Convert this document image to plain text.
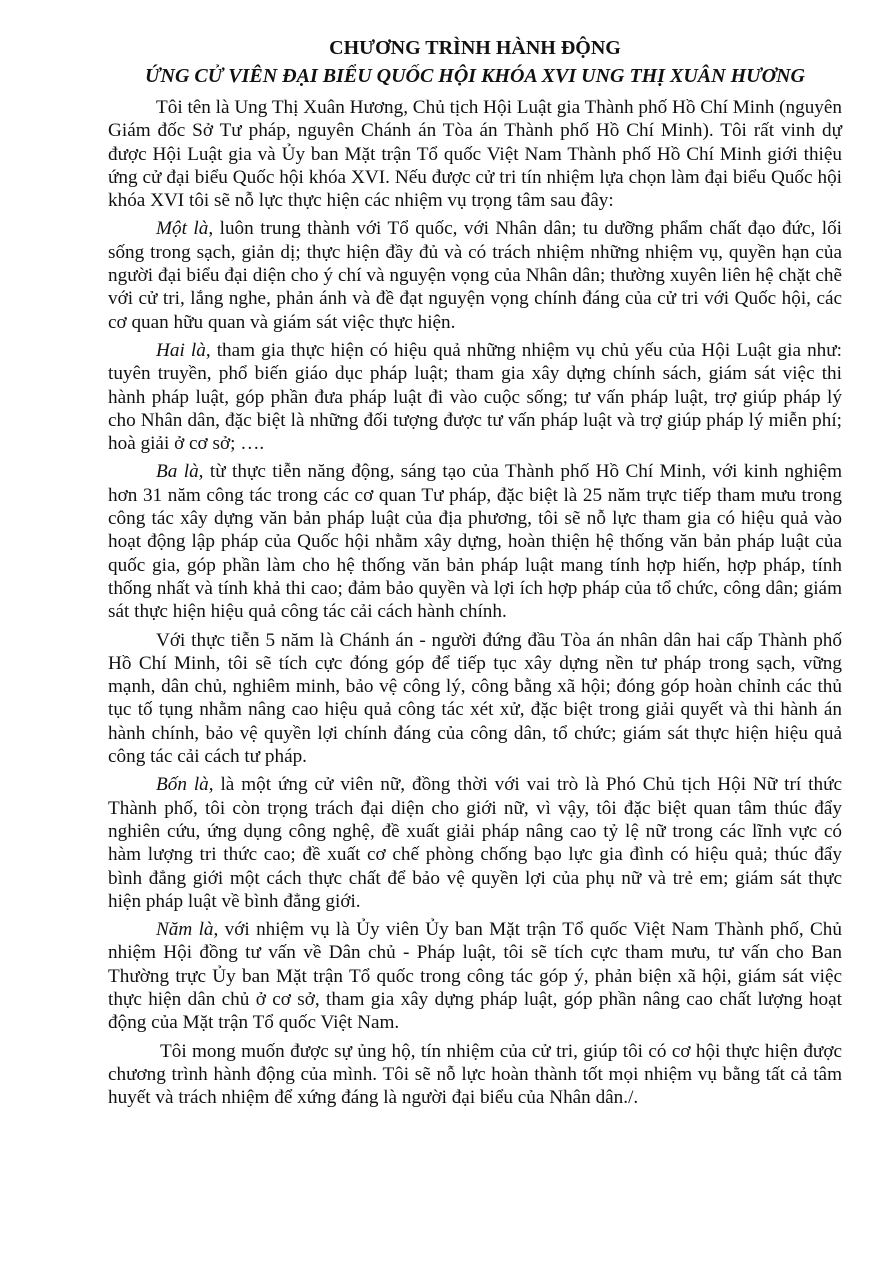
CHƯƠNG TRÌNH HÀNH ĐỘNG
ỨNG CỬ VIÊN ĐẠI BIỂU QUỐC HỘI KHÓA XVI UNG THỊ XUÂN HƯƠNG

Tôi tên là Ung Thị Xuân Hương, Chủ tịch Hội Luật gia Thành phố Hồ Chí Minh (nguyên Giám đốc Sở Tư pháp, nguyên Chánh án Tòa án Thành phố Hồ Chí Minh). Tôi rất vinh dự được Hội Luật gia và Ủy ban Mặt trận Tổ quốc Việt Nam Thành phố Hồ Chí Minh giới thiệu ứng cử đại biểu Quốc hội khóa XVI. Nếu được cử tri tín nhiệm lựa chọn làm đại biểu Quốc hội khóa XVI tôi sẽ nỗ lực thực hiện các nhiệm vụ trọng tâm sau đây:

Một là, luôn trung thành với Tổ quốc, với Nhân dân; tu dưỡng phẩm chất đạo đức, lối sống trong sạch, giản dị; thực hiện đầy đủ và có trách nhiệm những nhiệm vụ, quyền hạn của người đại biểu đại diện cho ý chí và nguyện vọng của Nhân dân; thường xuyên liên hệ chặt chẽ với cử tri, lắng nghe, phản ánh và đề đạt nguyện vọng chính đáng của cử tri với Quốc hội, các cơ quan hữu quan và giám sát việc thực hiện.

Hai là, tham gia thực hiện có hiệu quả những nhiệm vụ chủ yếu của Hội Luật gia như: tuyên truyền, phổ biến giáo dục pháp luật; tham gia xây dựng chính sách, giám sát việc thi hành pháp luật, góp phần đưa pháp luật đi vào cuộc sống; tư vấn pháp luật, trợ giúp pháp lý cho Nhân dân, đặc biệt là những đối tượng được tư vấn pháp luật và trợ giúp pháp lý miễn phí; hoà giải ở cơ sở; ….

Ba là, từ thực tiễn năng động, sáng tạo của Thành phố Hồ Chí Minh, với kinh nghiệm hơn 31 năm công tác trong các cơ quan Tư pháp, đặc biệt là 25 năm trực tiếp tham mưu trong công tác xây dựng văn bản pháp luật của địa phương, tôi sẽ nỗ lực tham gia có hiệu quả vào hoạt động lập pháp của Quốc hội nhằm xây dựng, hoàn thiện hệ thống văn bản pháp luật của quốc gia, góp phần làm cho hệ thống văn bản pháp luật mang tính hợp hiến, hợp pháp, tính thống nhất và tính khả thi cao; đảm bảo quyền và lợi ích hợp pháp của tổ chức, công dân; giám sát thực hiện hiệu quả công tác cải cách hành chính.

Với thực tiễn 5 năm là Chánh án - người đứng đầu Tòa án nhân dân hai cấp Thành phố Hồ Chí Minh, tôi sẽ tích cực đóng góp để tiếp tục xây dựng nền tư pháp trong sạch, vững mạnh, dân chủ, nghiêm minh, bảo vệ công lý, công bằng xã hội; đóng góp hoàn chỉnh các thủ tục tố tụng nhằm nâng cao hiệu quả công tác xét xử, đặc biệt trong giải quyết và thi hành án hành chính, bảo vệ quyền lợi chính đáng của công dân, tổ chức; giám sát thực hiện hiệu quả công tác cải cách tư pháp.

Bốn là, là một ứng cử viên nữ, đồng thời với vai trò là Phó Chủ tịch Hội Nữ trí thức Thành phố, tôi còn trọng trách đại diện cho giới nữ, vì vậy, tôi đặc biệt quan tâm thúc đẩy nghiên cứu, ứng dụng công nghệ, đề xuất giải pháp nâng cao tỷ lệ nữ trong các lĩnh vực có hàm lượng tri thức cao; đề xuất cơ chế phòng chống bạo lực gia đình có hiệu quả; thúc đẩy bình đẳng giới một cách thực chất để bảo vệ quyền lợi của phụ nữ và trẻ em; giám sát thực hiện pháp luật về bình đẳng giới.

Năm là, với nhiệm vụ là Ủy viên Ủy ban Mặt trận Tổ quốc Việt Nam Thành phố, Chủ nhiệm Hội đồng tư vấn về Dân chủ - Pháp luật, tôi sẽ tích cực tham mưu, tư vấn cho Ban Thường trực Ủy ban Mặt trận Tổ quốc trong công tác góp ý, phản biện xã hội, giám sát việc thực hiện dân chủ ở cơ sở, tham gia xây dựng pháp luật, góp phần nâng cao chất lượng hoạt động của Mặt trận Tổ quốc Việt Nam.

Tôi mong muốn được sự ủng hộ, tín nhiệm của cử tri, giúp tôi có cơ hội thực hiện được chương trình hành động của mình. Tôi sẽ nỗ lực hoàn thành tốt mọi nhiệm vụ bằng tất cả tâm huyết và trách nhiệm để xứng đáng là người đại biểu của Nhân dân./.
